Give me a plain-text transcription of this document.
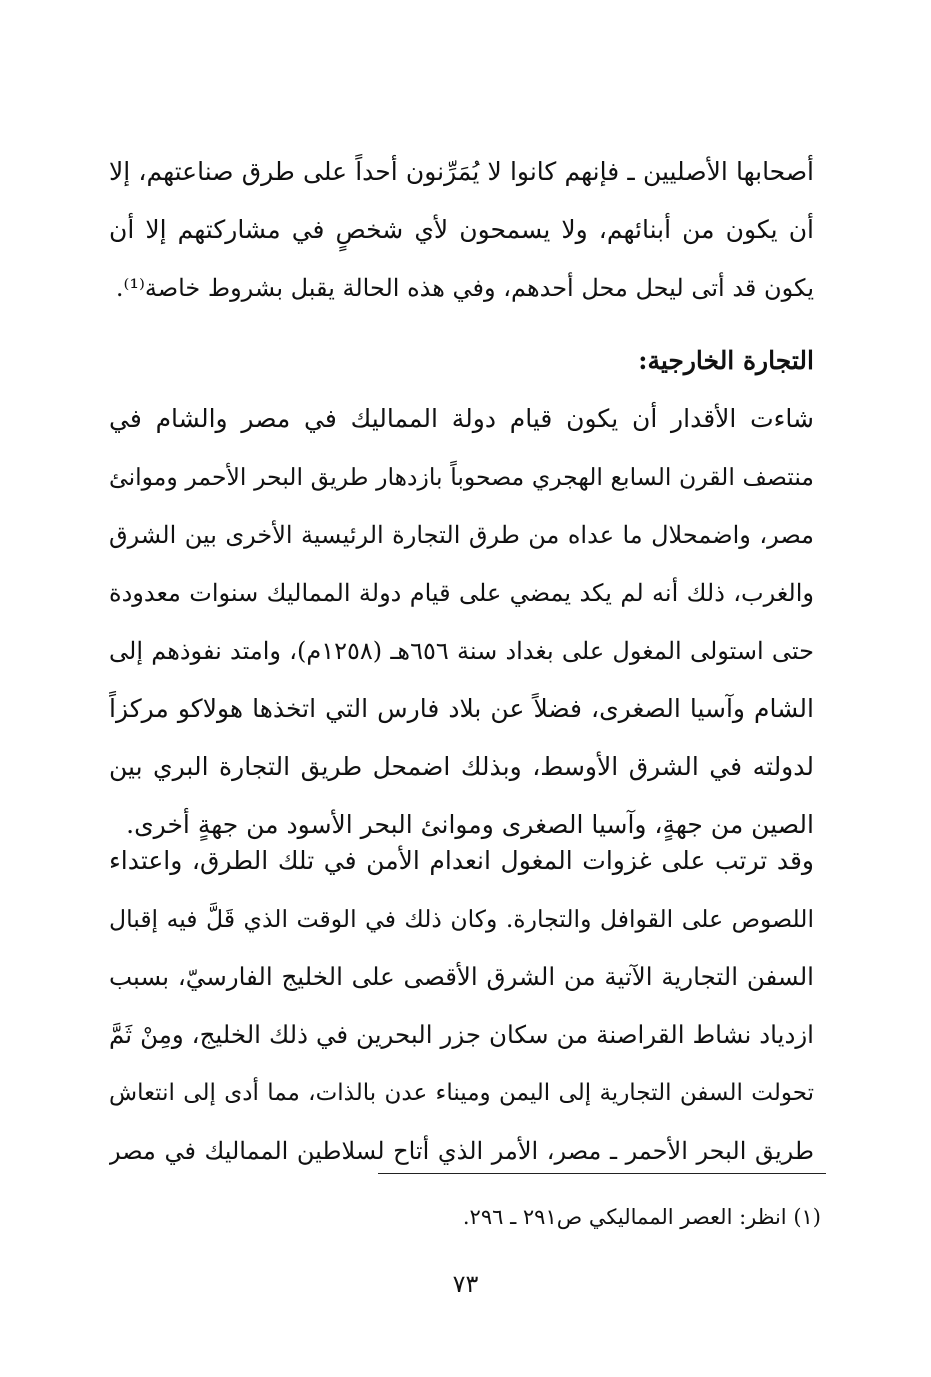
أصحابها الأصليين ـ فإنهم كانوا لا يُمَرِّنون أحداً على طرق صناعتهم، إلا
أن يكون من أبنائهم، ولا يسمحون لأي شخصٍ في مشاركتهم إلا أن
يكون قد أتى ليحل محل أحدهم، وفي هذه الحالة يقبل بشروط خاصة⁽¹⁾.
التجارة الخارجية:
شاءت الأقدار أن يكون قيام دولة المماليك في مصر والشام في
منتصف القرن السابع الهجري مصحوباً بازدهار طريق البحر الأحمر وموانئ
مصر، واضمحلال ما عداه من طرق التجارة الرئيسية الأخرى بين الشرق
والغرب، ذلك أنه لم يكد يمضي على قيام دولة المماليك سنوات معدودة
حتى استولى المغول على بغداد سنة ٦٥٦هـ (١٢٥٨م)، وامتد نفوذهم إلى
الشام وآسيا الصغرى، فضلاً عن بلاد فارس التي اتخذها هولاكو مركزاً
لدولته في الشرق الأوسط، وبذلك اضمحل طريق التجارة البري بين
الصين من جهةٍ، وآسيا الصغرى وموانئ البحر الأسود من جهةٍ أخرى.
وقد ترتب على غزوات المغول انعدام الأمن في تلك الطرق، واعتداء
اللصوص على القوافل والتجارة. وكان ذلك في الوقت الذي قَلَّ فيه إقبال
السفن التجارية الآتية من الشرق الأقصى على الخليج الفارسيّ، بسبب
ازدياد نشاط القراصنة من سكان جزر البحرين في ذلك الخليج، ومِنْ ثَمَّ
تحولت السفن التجارية إلى اليمن وميناء عدن بالذات، مما أدى إلى انتعاش
طريق البحر الأحمر ـ مصر، الأمر الذي أتاح لسلاطين المماليك في مصر
(١) انظر: العصر المماليكي ص٢٩١ ـ ٢٩٦.
٧٣
